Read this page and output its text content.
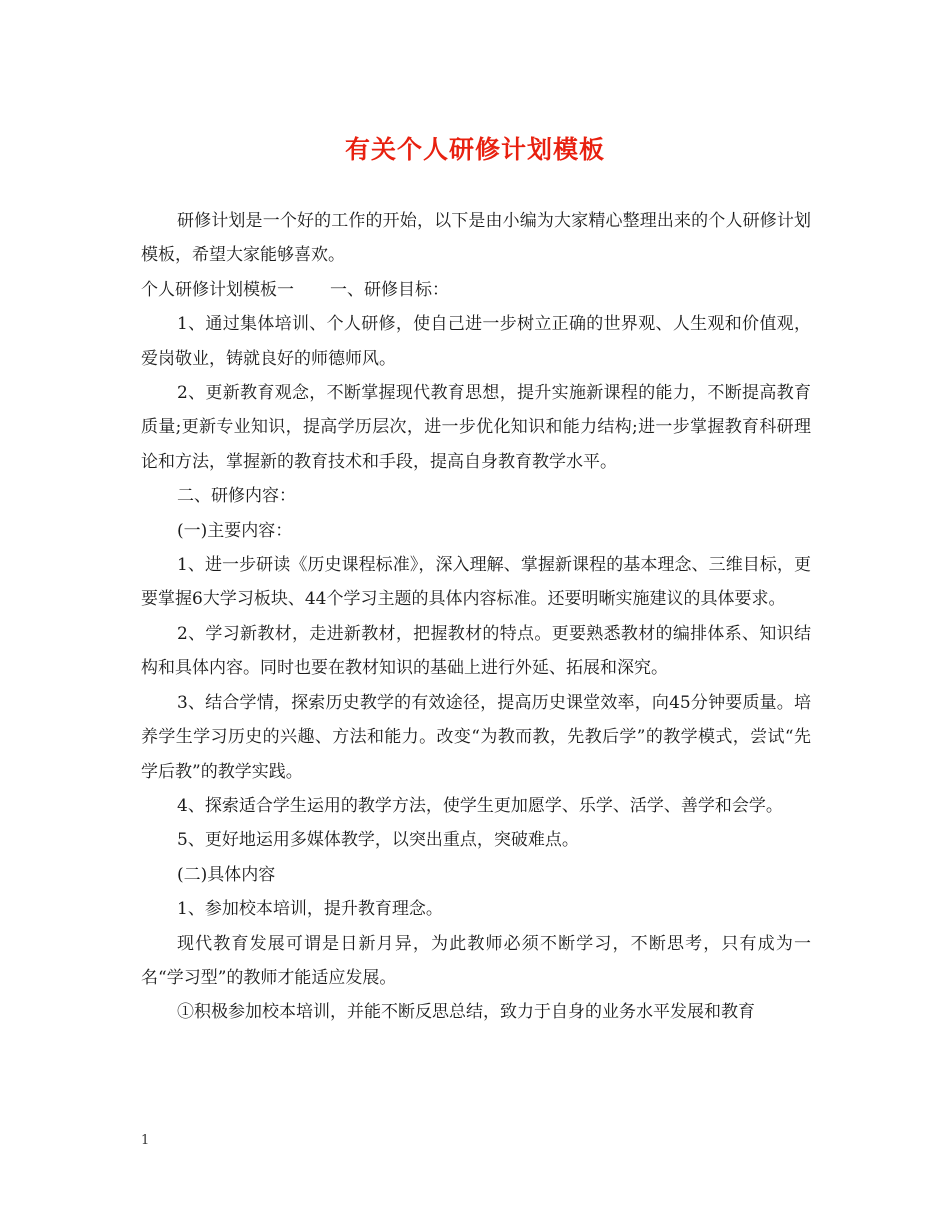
有关个人研修计划模板

研修计划是一个好的工作的开始，以下是由小编为大家精心整理出来的个人研修计划模板，希望大家能够喜欢。

个人研修计划模板一 一、研修目标：

1、通过集体培训、个人研修，使自己进一步树立正确的世界观、人生观和价值观，爱岗敬业，铸就良好的师德师风。

2、更新教育观念，不断掌握现代教育思想，提升实施新课程的能力，不断提高教育质量;更新专业知识，提高学历层次，进一步优化知识和能力结构;进一步掌握教育科研理论和方法，掌握新的教育技术和手段，提高自身教育教学水平。

二、研修内容：

(一)主要内容：

1、进一步研读《历史课程标准》，深入理解、掌握新课程的基本理念、三维目标，更要掌握6大学习板块、44个学习主题的具体内容标准。还要明晰实施建议的具体要求。

2、学习新教材，走进新教材，把握教材的特点。更要熟悉教材的编排体系、知识结构和具体内容。同时也要在教材知识的基础上进行外延、拓展和深究。

3、结合学情，探索历史教学的有效途径，提高历史课堂效率，向45分钟要质量。培养学生学习历史的兴趣、方法和能力。改变“为教而教，先教后学”的教学模式，尝试“先学后教”的教学实践。

4、探索适合学生运用的教学方法，使学生更加愿学、乐学、活学、善学和会学。

5、更好地运用多媒体教学，以突出重点，突破难点。

(二)具体内容

1、参加校本培训，提升教育理念。

现代教育发展可谓是日新月异，为此教师必须不断学习，不断思考，只有成为一名“学习型”的教师才能适应发展。

①积极参加校本培训，并能不断反思总结，致力于自身的业务水平发展和教育

1
